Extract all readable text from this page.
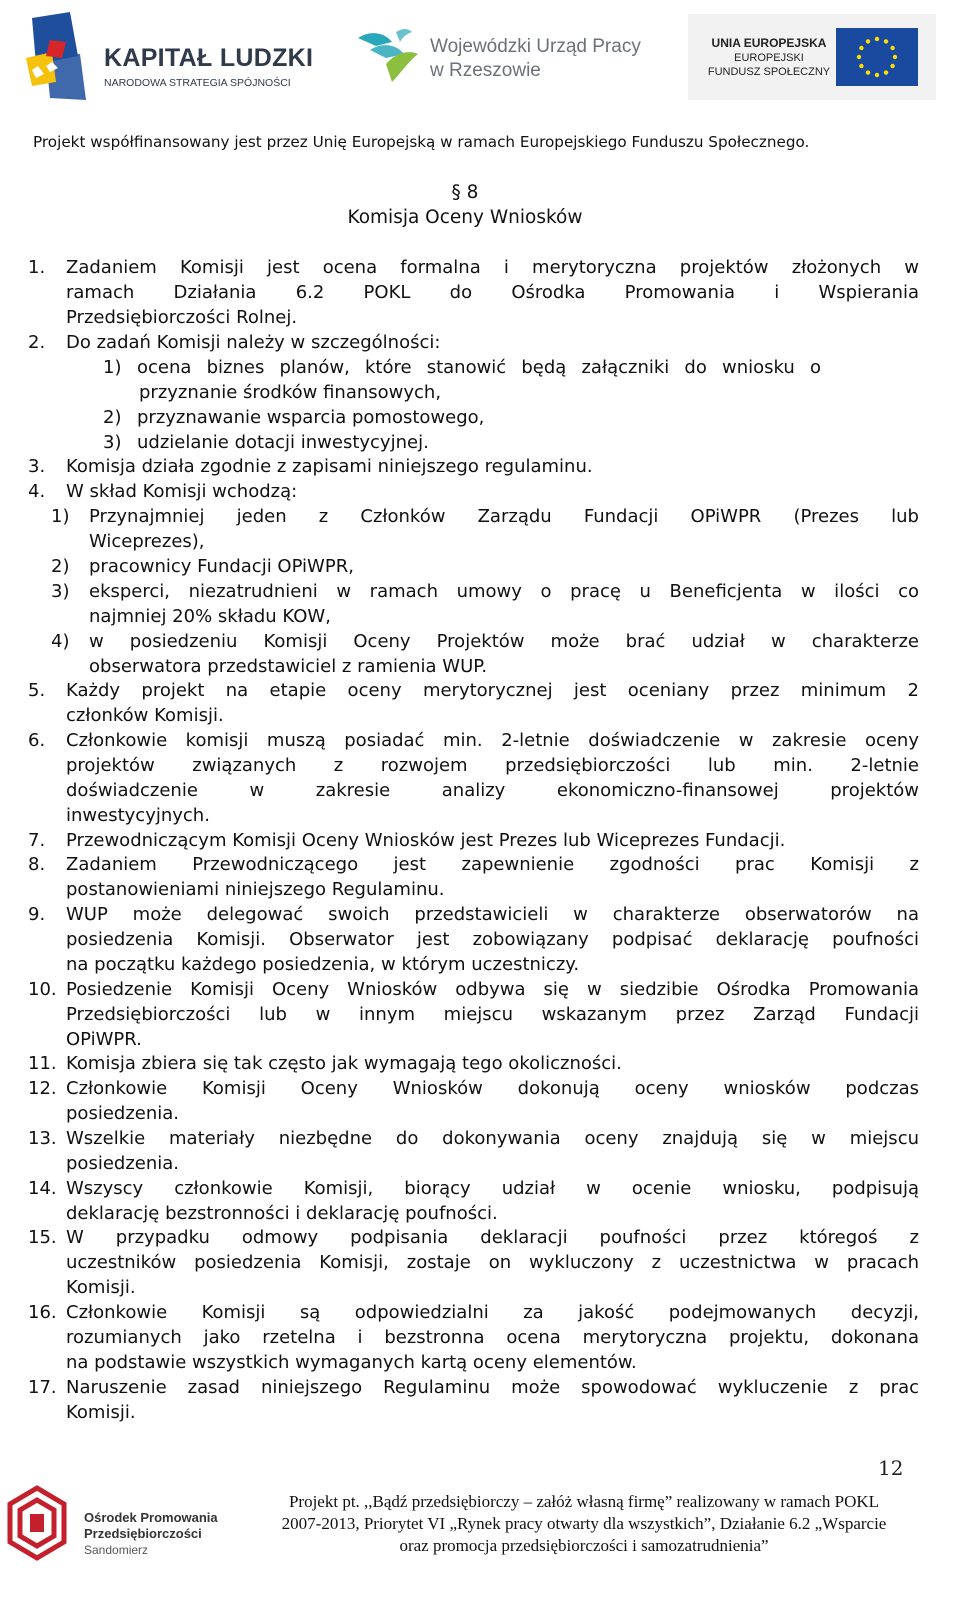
KAPITAŁ LUDZKI
NARODOWA STRATEGIA SPÓJNOŚCI
Wojewódzki Urząd Pracy
w Rzeszowie
UNIA EUROPEJSKA
EUROPEJSKI
FUNDUSZ SPOŁECZNY
Projekt współfinansowany jest przez Unię Europejską w ramach Europejskiego Funduszu Społecznego.
§ 8
Komisja Oceny Wniosków
1. Zadaniem Komisji jest ocena formalna i merytoryczna projektów złożonych w
ramach Działania 6.2 POKL do Ośrodka Promowania i Wspierania
Przedsiębiorczości Rolnej.
2. Do zadań Komisji należy w szczególności:
1) ocena biznes planów, które stanowić będą załączniki do wniosku o
przyznanie środków finansowych,
2) przyznawanie wsparcia pomostowego,
3) udzielanie dotacji inwestycyjnej.
3. Komisja działa zgodnie z zapisami niniejszego regulaminu.
4. W skład Komisji wchodzą:
1) Przynajmniej jeden z Członków Zarządu Fundacji OPiWPR (Prezes lub
Wiceprezes),
2) pracownicy Fundacji OPiWPR,
3) eksperci, niezatrudnieni w ramach umowy o pracę u Beneficjenta w ilości co
najmniej 20% składu KOW,
4) w posiedzeniu Komisji Oceny Projektów może brać udział w charakterze
obserwatora przedstawiciel z ramienia WUP.
5. Każdy projekt na etapie oceny merytorycznej jest oceniany przez minimum 2
członków Komisji.
6. Członkowie komisji muszą posiadać min. 2-letnie doświadczenie w zakresie oceny
projektów związanych z rozwojem przedsiębiorczości lub min. 2-letnie
doświadczenie w zakresie analizy ekonomiczno-finansowej projektów
inwestycyjnych.
7. Przewodniczącym Komisji Oceny Wniosków jest Prezes lub Wiceprezes Fundacji.
8. Zadaniem Przewodniczącego jest zapewnienie zgodności prac Komisji z
postanowieniami niniejszego Regulaminu.
9. WUP może delegować swoich przedstawicieli w charakterze obserwatorów na
posiedzenia Komisji. Obserwator jest zobowiązany podpisać deklarację poufności
na początku każdego posiedzenia, w którym uczestniczy.
10. Posiedzenie Komisji Oceny Wniosków odbywa się w siedzibie Ośrodka Promowania
Przedsiębiorczości lub w innym miejscu wskazanym przez Zarząd Fundacji
OPiWPR.
11. Komisja zbiera się tak często jak wymagają tego okoliczności.
12. Członkowie Komisji Oceny Wniosków dokonują oceny wniosków podczas
posiedzenia.
13. Wszelkie materiały niezbędne do dokonywania oceny znajdują się w miejscu
posiedzenia.
14. Wszyscy członkowie Komisji, biorący udział w ocenie wniosku, podpisują
deklarację bezstronności i deklarację poufności.
15. W przypadku odmowy podpisania deklaracji poufności przez któregoś z
uczestników posiedzenia Komisji, zostaje on wykluczony z uczestnictwa w pracach
Komisji.
16. Członkowie Komisji są odpowiedzialni za jakość podejmowanych decyzji,
rozumianych jako rzetelna i bezstronna ocena merytoryczna projektu, dokonana
na podstawie wszystkich wymaganych kartą oceny elementów.
17. Naruszenie zasad niniejszego Regulaminu może spowodować wykluczenie z prac
Komisji.
12
Ośrodek Promowania
Przedsiębiorczości
Sandomierz
Projekt pt. ,,Bądź przedsiębiorczy – załóż własną firmę” realizowany w ramach POKL
2007-2013, Priorytet VI „Rynek pracy otwarty dla wszystkich”, Działanie 6.2 „Wsparcie
oraz promocja przedsiębiorczości i samozatrudnienia”
